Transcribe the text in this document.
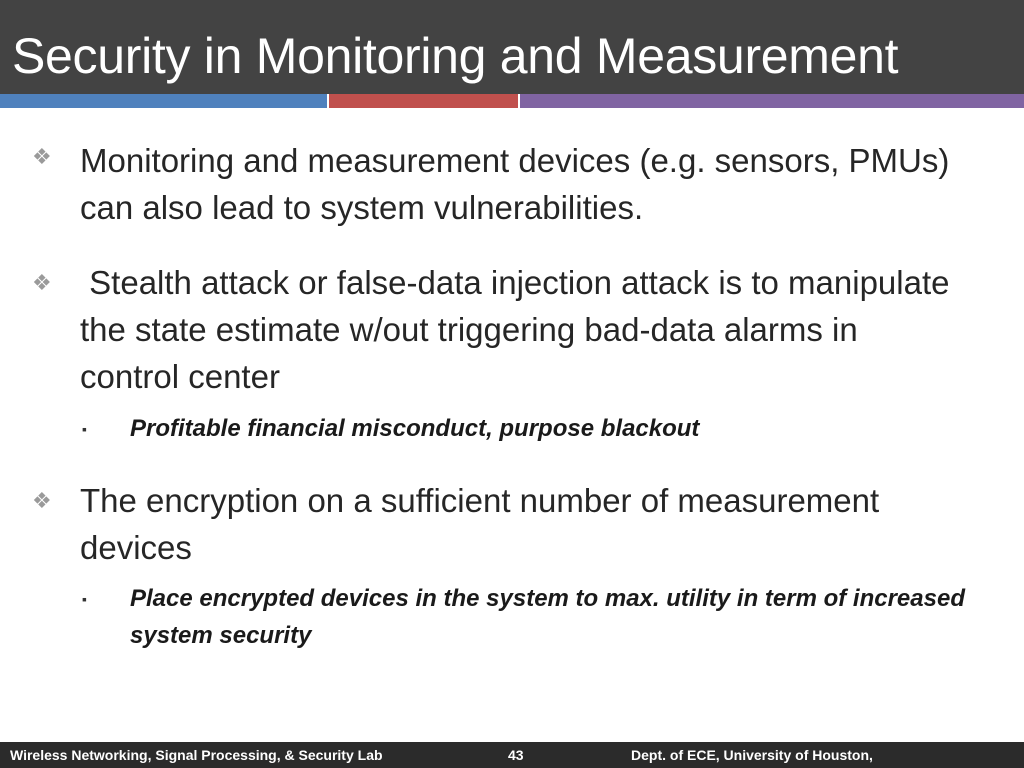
Security in Monitoring and Measurement
❖ Monitoring and measurement devices (e.g. sensors, PMUs) can also lead to system vulnerabilities.
❖ Stealth attack or false-data injection attack is to manipulate the state estimate w/out triggering bad-data alarms in control center
▪ Profitable financial misconduct, purpose blackout
❖ The encryption on a sufficient number of measurement devices
▪ Place encrypted devices in the system to max. utility in term of increased system security
Wireless Networking, Signal Processing, & Security Lab	43	Dept. of ECE, University of Houston,
